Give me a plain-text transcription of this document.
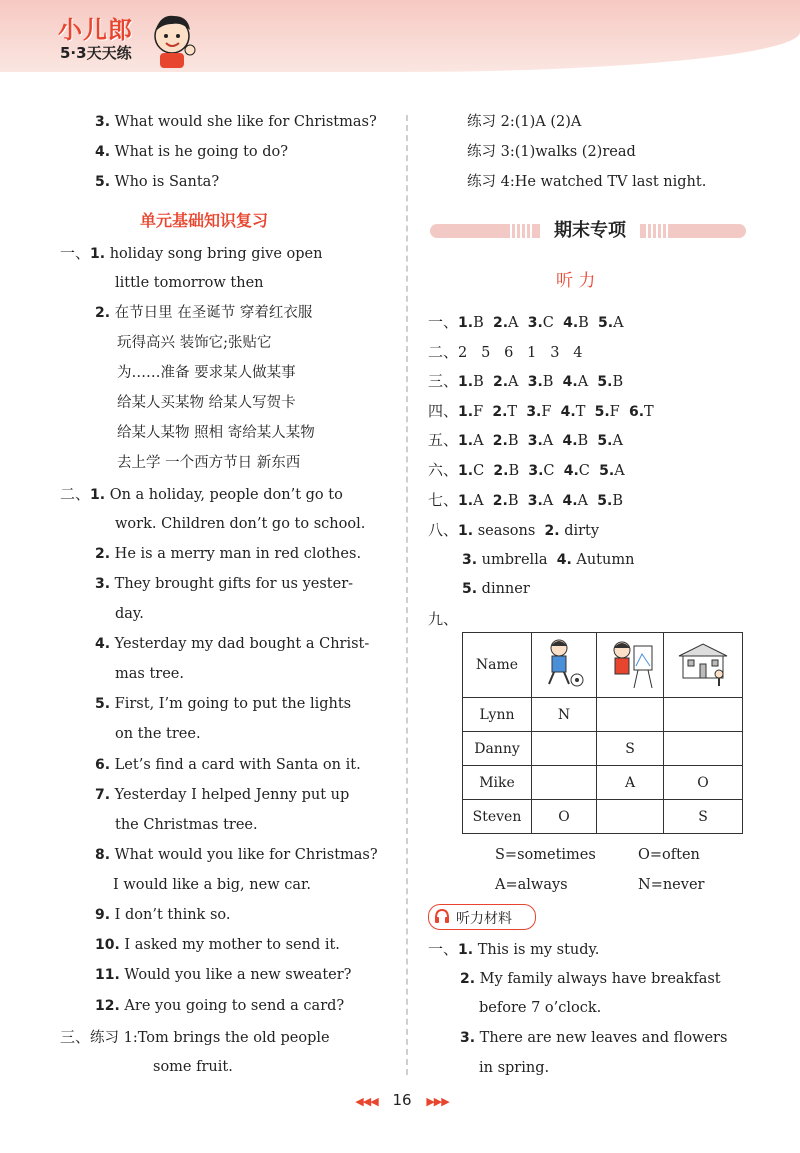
小儿郎
5·3天天练
3. What would she like for Christmas?
4. What is he going to do?
5. Who is Santa?
单元基础知识复习
一、1. holiday song bring give open
little tomorrow then
2. 在节日里 在圣诞节 穿着红衣服
玩得高兴 装饰它;张贴它
为……准备 要求某人做某事
给某人买某物 给某人写贺卡
给某人某物 照相 寄给某人某物
去上学 一个西方节日 新东西
二、1. On a holiday, people don’t go to
work. Children don’t go to school.
2. He is a merry man in red clothes.
3. They brought gifts for us yester-
day.
4. Yesterday my dad bought a Christ-
mas tree.
5. First, I’m going to put the lights
on the tree.
6. Let’s find a card with Santa on it.
7. Yesterday I helped Jenny put up
the Christmas tree.
8. What would you like for Christmas?
I would like a big, new car.
9. I don’t think so.
10. I asked my mother to send it.
11. Would you like a new sweater?
12. Are you going to send a card?
三、练习 1:Tom brings the old people
some fruit.
练习 2:(1)A (2)A
练习 3:(1)walks (2)read
练习 4:He watched TV last night.
期末专项
听 力
一、1.B 2.A 3.C 4.B 5.A
二、2   5   6   1   3   4
三、1.B 2.A 3.B 4.A 5.B
四、1.F 2.T 3.F 4.T 5.F 6.T
五、1.A 2.B 3.A 4.B 5.A
六、1.C 2.B 3.C 4.C 5.A
七、1.A 2.B 3.A 4.A 5.B
八、1. seasons 2. dirty
3. umbrella 4. Autumn
5. dinner
九、
Name			
Lynn	N		
Danny		S	
Mike		A	O
Steven	O		S
S=sometimes	O=often
A=always	N=never
听力材料
一、1. This is my study.
2. My family always have breakfast
before 7 o’clock.
3. There are new leaves and flowers
in spring.
◀◀◀ 16 ▶▶▶
